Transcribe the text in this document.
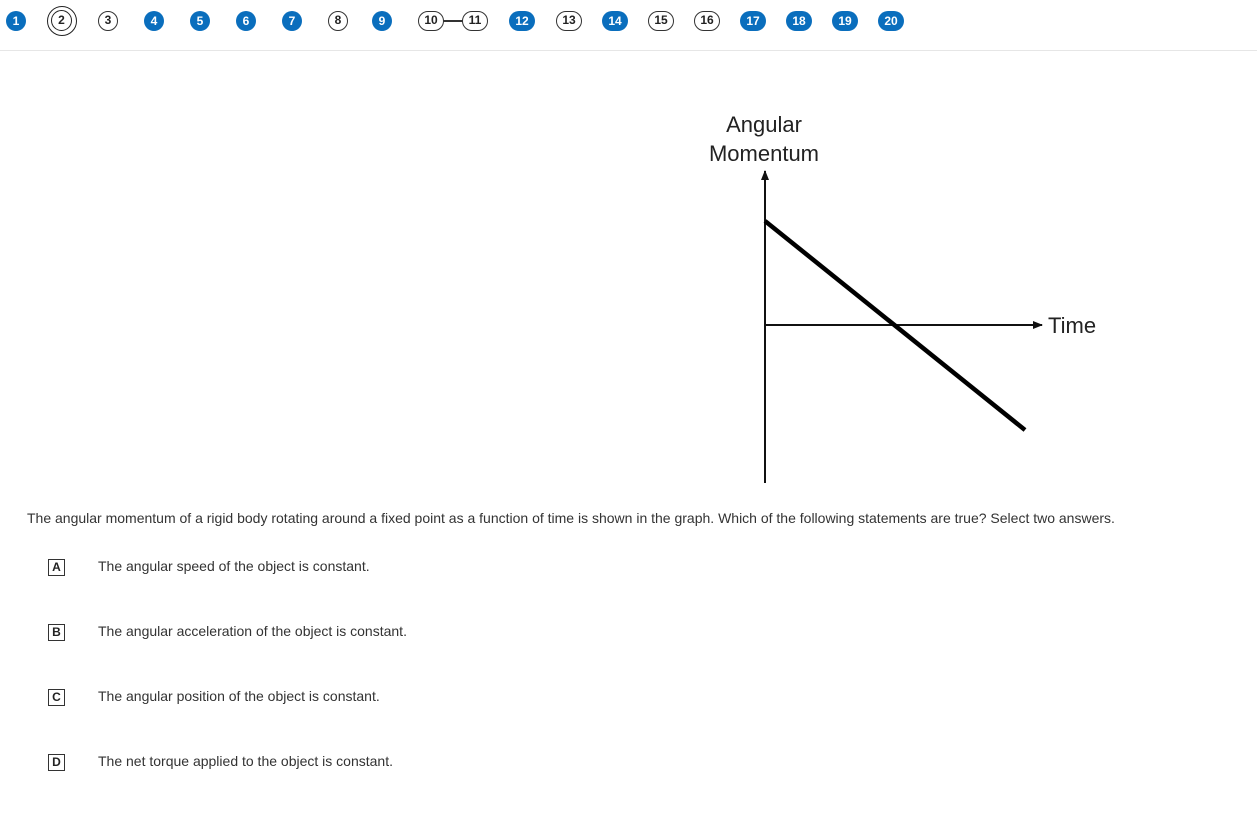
1	2	3	4	5	6	7	8	9	10	11	12	13	14	15	16	17	18	19	20
Angular
Momentum
Time
The angular momentum of a rigid body rotating around a fixed point as a function of time is shown in the graph. Which of the following statements are true? Select two answers.
A	The angular speed of the object is constant.
B	The angular acceleration of the object is constant.
C	The angular position of the object is constant.
D	The net torque applied to the object is constant.
